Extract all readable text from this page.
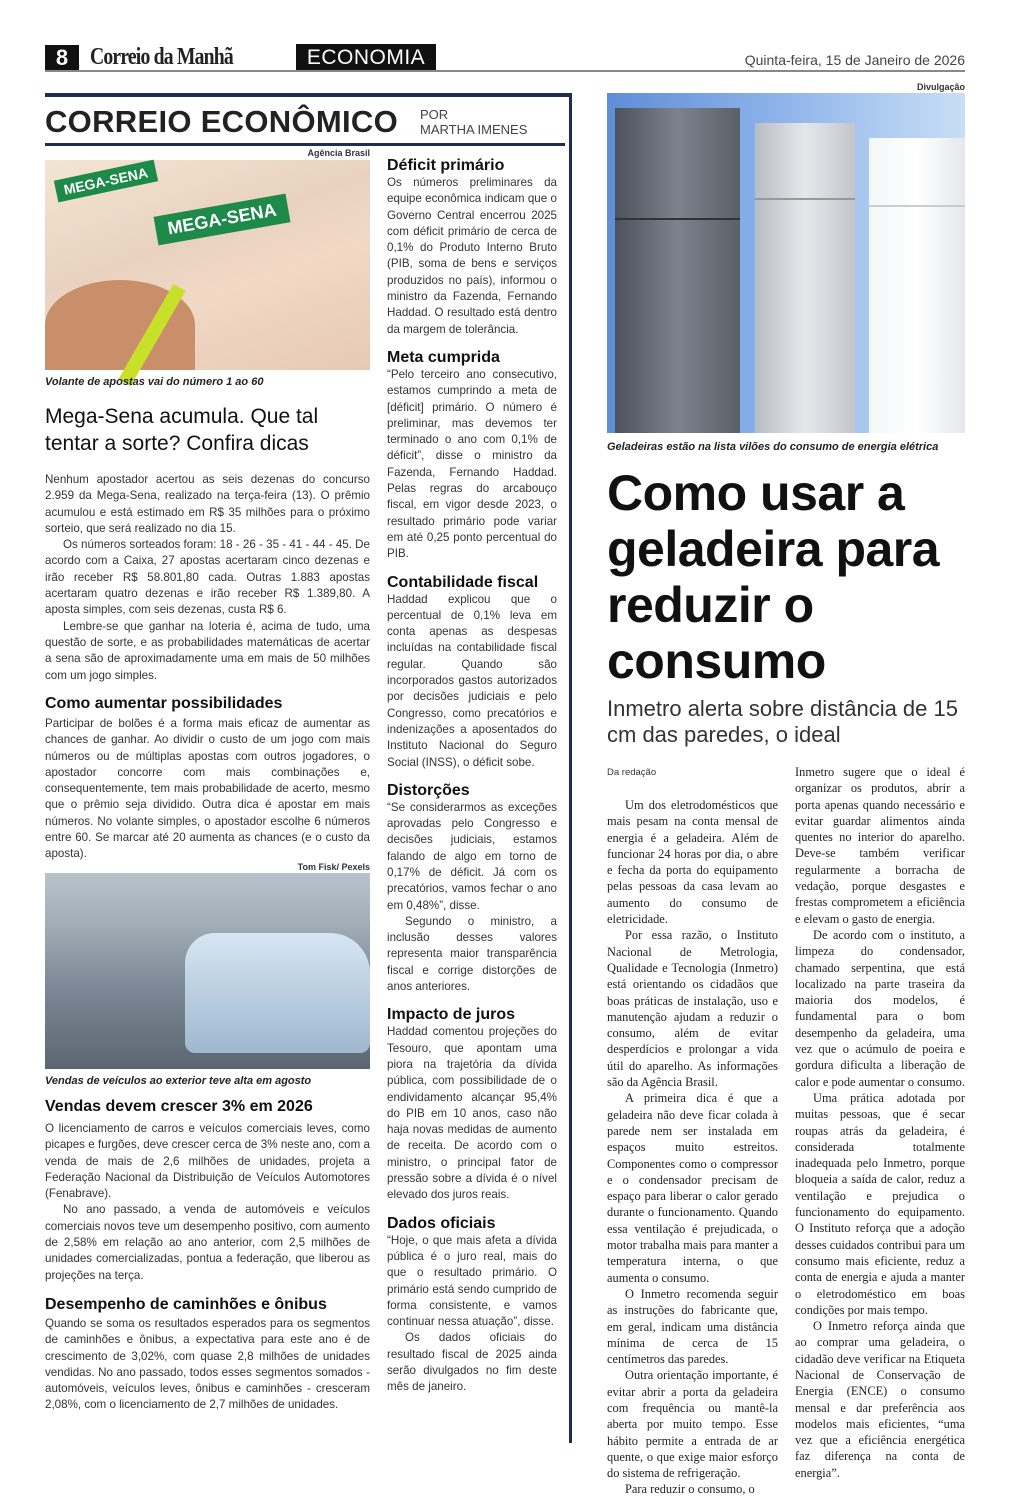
8 Correio da Manhã	ECONOMIA	Quinta-feira, 15 de Janeiro de 2026
CORREIO ECONÔMICO POR
MARTHA IMENES
Agência Brasil
MEGA-SENA
MEGA-SENA
Volante de apostas vai do número 1 ao 60
Mega-Sena acumula. Que tal tentar a sorte? Confira dicas

Nenhum apostador acertou as seis dezenas do concurso 2.959 da Mega-Sena, realizado na terça-feira (13). O prêmio acumulou e está estimado em R$ 35 milhões para o próximo sorteio, que será realizado no dia 15.

Os números sorteados foram: 18 - 26 - 35 - 41 - 44 - 45. De acordo com a Caixa, 27 apostas acertaram cinco dezenas e irão receber R$ 58.801,80 cada. Outras 1.883 apostas acertaram quatro dezenas e irão receber R$ 1.389,80. A aposta simples, com seis dezenas, custa R$ 6.

Lembre-se que ganhar na loteria é, acima de tudo, uma questão de sorte, e as probabilidades matemáticas de acertar a sena são de aproximadamente uma em mais de 50 milhões com um jogo simples.

Como aumentar possibilidades

Participar de bolões é a forma mais eficaz de aumentar as chances de ganhar. Ao dividir o custo de um jogo com mais números ou de múltiplas apostas com outros jogadores, o apostador concorre com mais combinações e, consequentemente, tem mais probabilidade de acerto, mesmo que o prêmio seja dividido. Outra dica é apostar em mais números. No volante simples, o apostador escolhe 6 números entre 60. Se marcar até 20 aumenta as chances (e o custo da aposta).

Tom Fisk/ Pexels
Vendas de veículos ao exterior teve alta em agosto
Vendas devem crescer 3% em 2026

O licenciamento de carros e veículos comerciais leves, como picapes e furgões, deve crescer cerca de 3% neste ano, com a venda de mais de 2,6 milhões de unidades, projeta a Federação Nacional da Distribuição de Veículos Automotores (Fenabrave).

No ano passado, a venda de automóveis e veículos comerciais novos teve um desempenho positivo, com aumento de 2,58% em relação ao ano anterior, com 2,5 milhões de unidades comercializadas, pontua a federação, que liberou as projeções na terça.

Desempenho de caminhões e ônibus

Quando se soma os resultados esperados para os segmentos de caminhões e ônibus, a expectativa para este ano é de crescimento de 3,02%, com quase 2,8 milhões de unidades vendidas. No ano passado, todos esses segmentos somados - automóveis, veículos leves, ônibus e caminhões - cresceram 2,08%, com o licenciamento de 2,7 milhões de unidades.

Déficit primário

Os números preliminares da equipe econômica indicam que o Governo Central encerrou 2025 com déficit primário de cerca de 0,1% do Produto Interno Bruto (PIB, soma de bens e serviços produzidos no país), informou o ministro da Fazenda, Fernando Haddad. O resultado está dentro da margem de tolerância.

Meta cumprida

“Pelo terceiro ano consecutivo, estamos cumprindo a meta de [déficit] primário. O número é preliminar, mas devemos ter terminado o ano com 0,1% de déficit”, disse o ministro da Fazenda, Fernando Haddad. Pelas regras do arcabouço fiscal, em vigor desde 2023, o resultado primário pode variar em até 0,25 ponto percentual do PIB.

Contabilidade fiscal

Haddad explicou que o percentual de 0,1% leva em conta apenas as despesas incluídas na contabilidade fiscal regular. Quando são incorporados gastos autorizados por decisões judiciais e pelo Congresso, como precatórios e indenizações a aposentados do Instituto Nacional do Seguro Social (INSS), o déficit sobe.

Distorções

“Se considerarmos as exceções aprovadas pelo Congresso e decisões judiciais, estamos falando de algo em torno de 0,17% de déficit. Já com os precatórios, vamos fechar o ano em 0,48%”, disse.

Segundo o ministro, a inclusão desses valores representa maior transparência fiscal e corrige distorções de anos anteriores.

Impacto de juros

Haddad comentou projeções do Tesouro, que apontam uma piora na trajetória da dívida pública, com possibilidade de o endividamento alcançar 95,4% do PIB em 10 anos, caso não haja novas medidas de aumento de receita. De acordo com o ministro, o principal fator de pressão sobre a dívida é o nível elevado dos juros reais.

Dados oficiais

“Hoje, o que mais afeta a dívida pública é o juro real, mais do que o resultado primário. O primário está sendo cumprido de forma consistente, e vamos continuar nessa atuação”, disse.

Os dados oficiais do resultado fiscal de 2025 ainda serão divulgados no fim deste mês de janeiro.

Divulgação
Geladeiras estão na lista vilões do consumo de energia elétrica
Como usar a geladeira para reduzir o consumo
Inmetro alerta sobre distância de 15 cm das paredes, o ideal
Da redação

Um dos eletrodomésticos que mais pesam na conta mensal de energia é a geladeira. Além de funcionar 24 horas por dia, o abre e fecha da porta do equipamento pelas pessoas da casa levam ao aumento do consumo de eletricidade.

Por essa razão, o Instituto Nacional de Metrologia, Qualidade e Tecnologia (Inmetro) está orientando os cidadãos que boas práticas de instalação, uso e manutenção ajudam a reduzir o consumo, além de evitar desperdícios e prolongar a vida útil do aparelho. As informações são da Agência Brasil.

A primeira dica é que a geladeira não deve ficar colada à parede nem ser instalada em espaços muito estreitos. Componentes como o compressor e o condensador precisam de espaço para liberar o calor gerado durante o funcionamento. Quando essa ventilação é prejudicada, o motor trabalha mais para manter a temperatura interna, o que aumenta o consumo.

O Inmetro recomenda seguir as instruções do fabricante que, em geral, indicam uma distância mínima de cerca de 15 centímetros das paredes.

Outra orientação importante, é evitar abrir a porta da geladeira com frequência ou mantê-la aberta por muito tempo. Esse hábito permite a entrada de ar quente, o que exige maior esforço do sistema de refrigeração.

Para reduzir o consumo, o

Inmetro sugere que o ideal é organizar os produtos, abrir a porta apenas quando necessário e evitar guardar alimentos ainda quentes no interior do aparelho. Deve-se também verificar regularmente a borracha de vedação, porque desgastes e frestas comprometem a eficiência e elevam o gasto de energia.

De acordo com o instituto, a limpeza do condensador, chamado serpentina, que está localizado na parte traseira da maioria dos modelos, é fundamental para o bom desempenho da geladeira, uma vez que o acúmulo de poeira e gordura dificulta a liberação de calor e pode aumentar o consumo.

Uma prática adotada por muitas pessoas, que é secar roupas atrás da geladeira, é considerada totalmente inadequada pelo Inmetro, porque bloqueia a saída de calor, reduz a ventilação e prejudica o funcionamento do equipamento. O Instituto reforça que a adoção desses cuidados contribui para um consumo mais eficiente, reduz a conta de energia e ajuda a manter o eletrodoméstico em boas condições por mais tempo.

O Inmetro reforça ainda que ao comprar uma geladeira, o cidadão deve verificar na Etiqueta Nacional de Conservação de Energia (ENCE) o consumo mensal e dar preferência aos modelos mais eficientes, “uma vez que a eficiência energética faz diferença na conta de energia”.
